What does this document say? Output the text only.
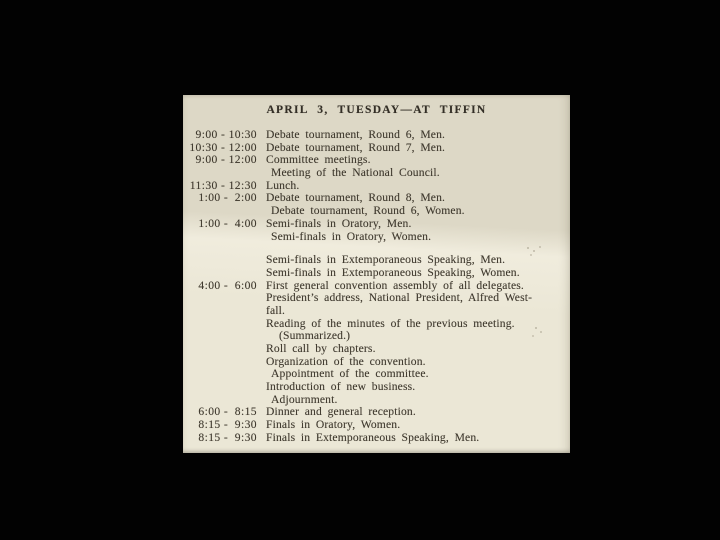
APRIL 3, TUESDAY—AT TIFFIN
9:00 - 10:30 Debate tournament, Round 6, Men.
10:30 - 12:00 Debate tournament, Round 7, Men.
9:00 - 12:00 Committee meetings.
Meeting of the National Council.
11:30 - 12:30 Lunch.
1:00 -  2:00 Debate tournament, Round 8, Men.
Debate tournament, Round 6, Women.
1:00 -  4:00 Semi-finals in Oratory, Men.
Semi-finals in Oratory, Women.
Semi-finals in Extemporaneous Speaking, Men.
Semi-finals in Extemporaneous Speaking, Women.
4:00 -  6:00 First general convention assembly of all delegates.
President’s address, National President, Alfred West-
fall.
Reading of the minutes of the previous meeting.
(Summarized.)
Roll call by chapters.
Organization of the convention.
Appointment of the committee.
Introduction of new business.
Adjournment.
6:00 -  8:15 Dinner and general reception.
8:15 -  9:30 Finals in Oratory, Women.
8:15 -  9:30 Finals in Extemporaneous Speaking, Men.
